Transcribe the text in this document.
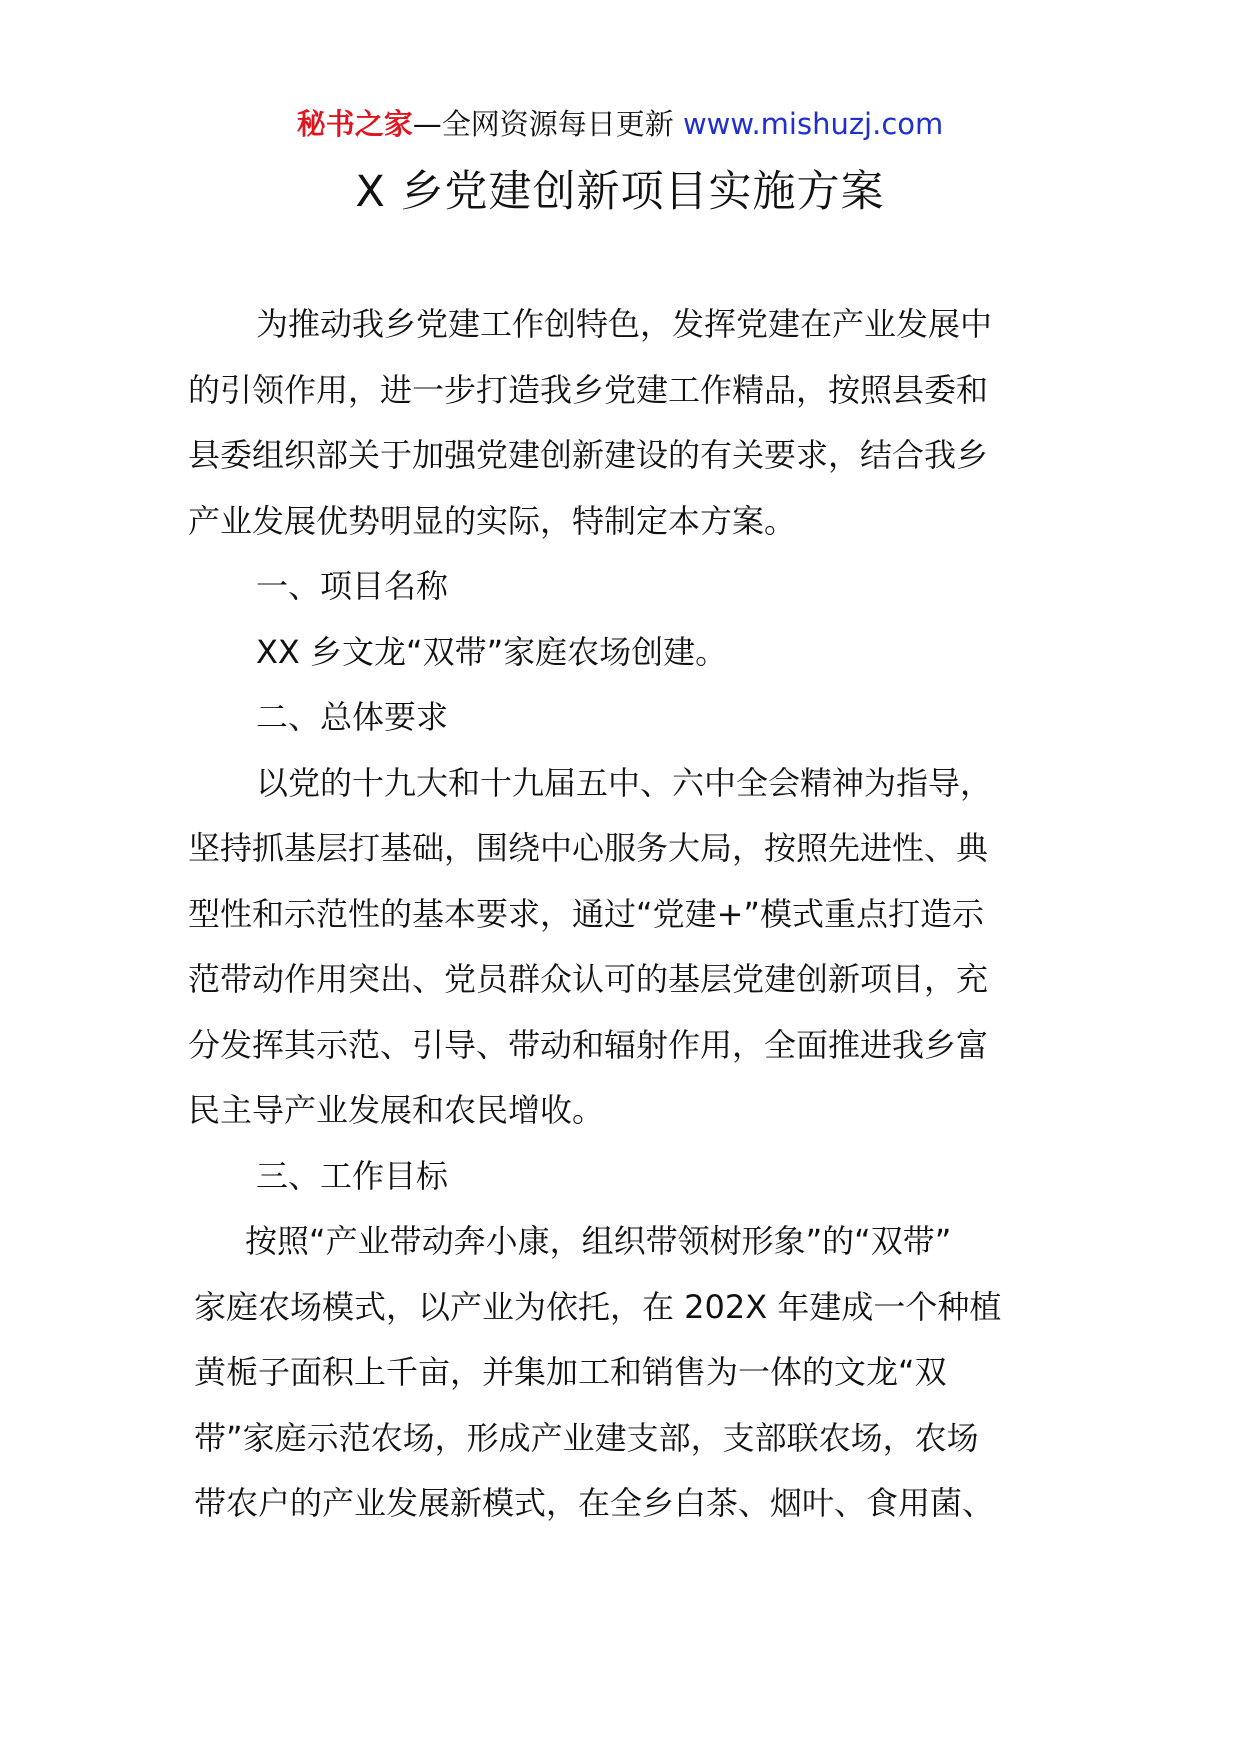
秘书之家—全网资源每日更新 www.mishuzj.com
X 乡党建创新项目实施方案

为推动我乡党建工作创特色，发挥党建在产业发展中

的引领作用，进一步打造我乡党建工作精品，按照县委和

县委组织部关于加强党建创新建设的有关要求，结合我乡

产业发展优势明显的实际，特制定本方案。

一、项目名称

XX 乡文龙“双带”家庭农场创建。

二、总体要求

以党的十九大和十九届五中、六中全会精神为指导，

坚持抓基层打基础，围绕中心服务大局，按照先进性、典

型性和示范性的基本要求，通过“党建+”模式重点打造示

范带动作用突出、党员群众认可的基层党建创新项目，充

分发挥其示范、引导、带动和辐射作用，全面推进我乡富

民主导产业发展和农民增收。

三、工作目标

按照“产业带动奔小康，组织带领树形象”的“双带”

家庭农场模式，以产业为依托，在 202X 年建成一个种植

黄栀子面积上千亩，并集加工和销售为一体的文龙“双

带”家庭示范农场，形成产业建支部，支部联农场，农场

带农户的产业发展新模式，在全乡白茶、烟叶、食用菌、
